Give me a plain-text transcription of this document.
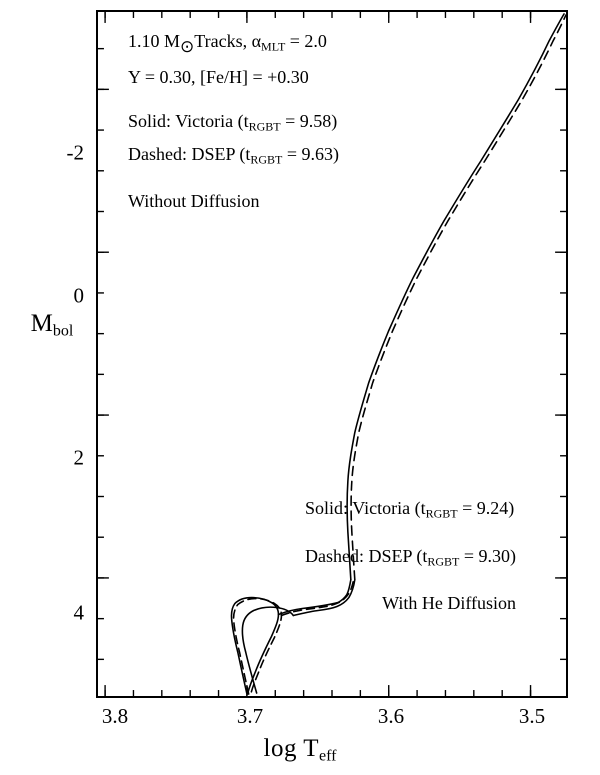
3.8	3.7	3.6	3.5
-2
0
2
4
$\log T_{eff}$
$M_{bol}$
1.10 M⊙Tracks, $\alpha_{MLT} = 2.0$
Y = 0.30, [Fe/H] = +0.30
Solid: Victoria $(t_{RGBT} = 9.58)$
Dashed: DSEP $(t_{RGBT} = 9.63)$
Without Diffusion
Solid: Victoria $(t_{RGBT} = 9.24)$
Dashed: DSEP $(t_{RGBT} = 9.30)$
With He Diffusion
